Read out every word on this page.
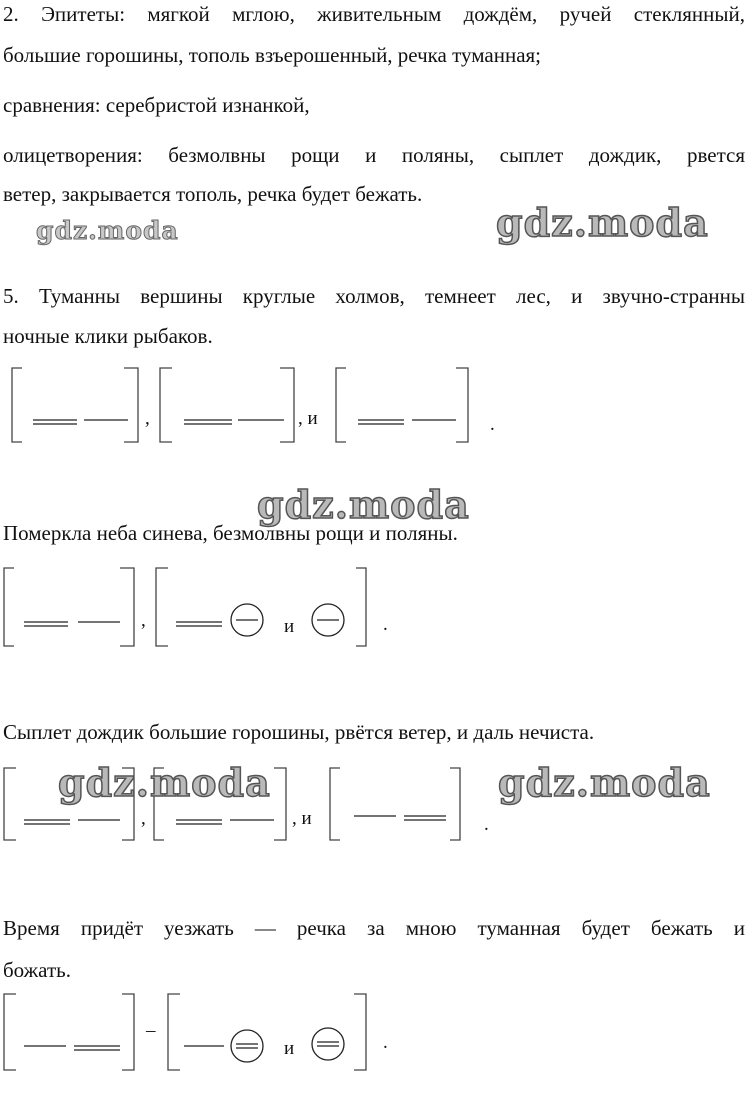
2. Эпитеты: мягкой мглою, живительным дождём, ручей стеклянный,
большие горошины, тополь взъерошенный, речка туманная;
сравнения: серебристой изнанкой,
олицетворения: безмолвны рощи и поляны, сыплет дождик, рвется
ветер, закрывается тополь, речка будет бежать.
gdz.moda	gdz.moda
5. Туманны вершины круглые холмов, темнеет лес, и звучно-странны
ночные клики рыбаков.
,	, и	.
gdz.moda
Померкла неба синева, безмолвны рощи и поляны.
,	и	.
Сыплет дождик большие горошины, рвётся ветер, и даль нечиста.
,	, и	.
gdz.moda	gdz.moda
Время придёт уезжать — речка за мною туманная будет бежать и
божать.
–
и	.
